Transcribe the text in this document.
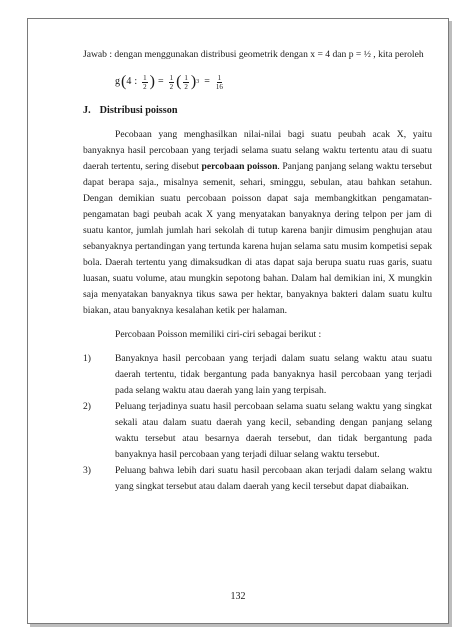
Jawab : dengan menggunakan distribusi geometrik dengan x = 4 dan p = ½ , kita peroleh

g ( 4 : $\frac{1}{2}$ ) = $\frac{1}{2}$ ( $\frac{1}{2}$ ) $3 = \frac{1}{16}$
J. Distribusi poisson

Pecobaan yang menghasilkan nilai-nilai bagi suatu peubah acak X, yaitu banyaknya hasil percobaan yang terjadi selama suatu selang waktu tertentu atau di suatu daerah tertentu, sering disebut percobaan poisson. Panjang panjang selang waktu tersebut dapat berapa saja., misalnya semenit, sehari, sminggu, sebulan, atau bahkan setahun. Dengan demikian suatu percobaan poisson dapat saja membangkitkan pengamatan-pengamatan bagi peubah acak X yang menyatakan banyaknya dering telpon per jam di suatu kantor, jumlah jumlah hari sekolah di tutup karena banjir dimusim penghujan atau sebanyaknya pertandingan yang tertunda karena hujan selama satu musim kompetisi sepak bola. Daerah tertentu yang dimaksudkan di atas dapat saja berupa suatu ruas garis, suatu luasan, suatu volume, atau mungkin sepotong bahan. Dalam hal demikian ini, X mungkin saja menyatakan banyaknya tikus sawa per hektar, banyaknya bakteri dalam suatu kultu biakan, atau banyaknya kesalahan ketik per halaman.

Percobaan Poisson memiliki ciri-ciri sebagai berikut :

1)	Banyaknya hasil percobaan yang terjadi dalam suatu selang waktu atau suatu daerah tertentu, tidak bergantung pada banyaknya hasil percobaan yang terjadi pada selang waktu atau daerah yang lain yang terpisah.
2)	Peluang terjadinya suatu hasil percobaan selama suatu selang waktu yang singkat sekali atau dalam suatu daerah yang kecil, sebanding dengan panjang selang waktu tersebut atau besarnya daerah tersebut, dan tidak bergantung pada banyaknya hasil percobaan yang terjadi diluar selang waktu tersebut.
3)	Peluang bahwa lebih dari suatu hasil percobaan akan terjadi dalam selang waktu yang singkat tersebut atau dalam daerah yang kecil tersebut dapat diabaikan.
132
